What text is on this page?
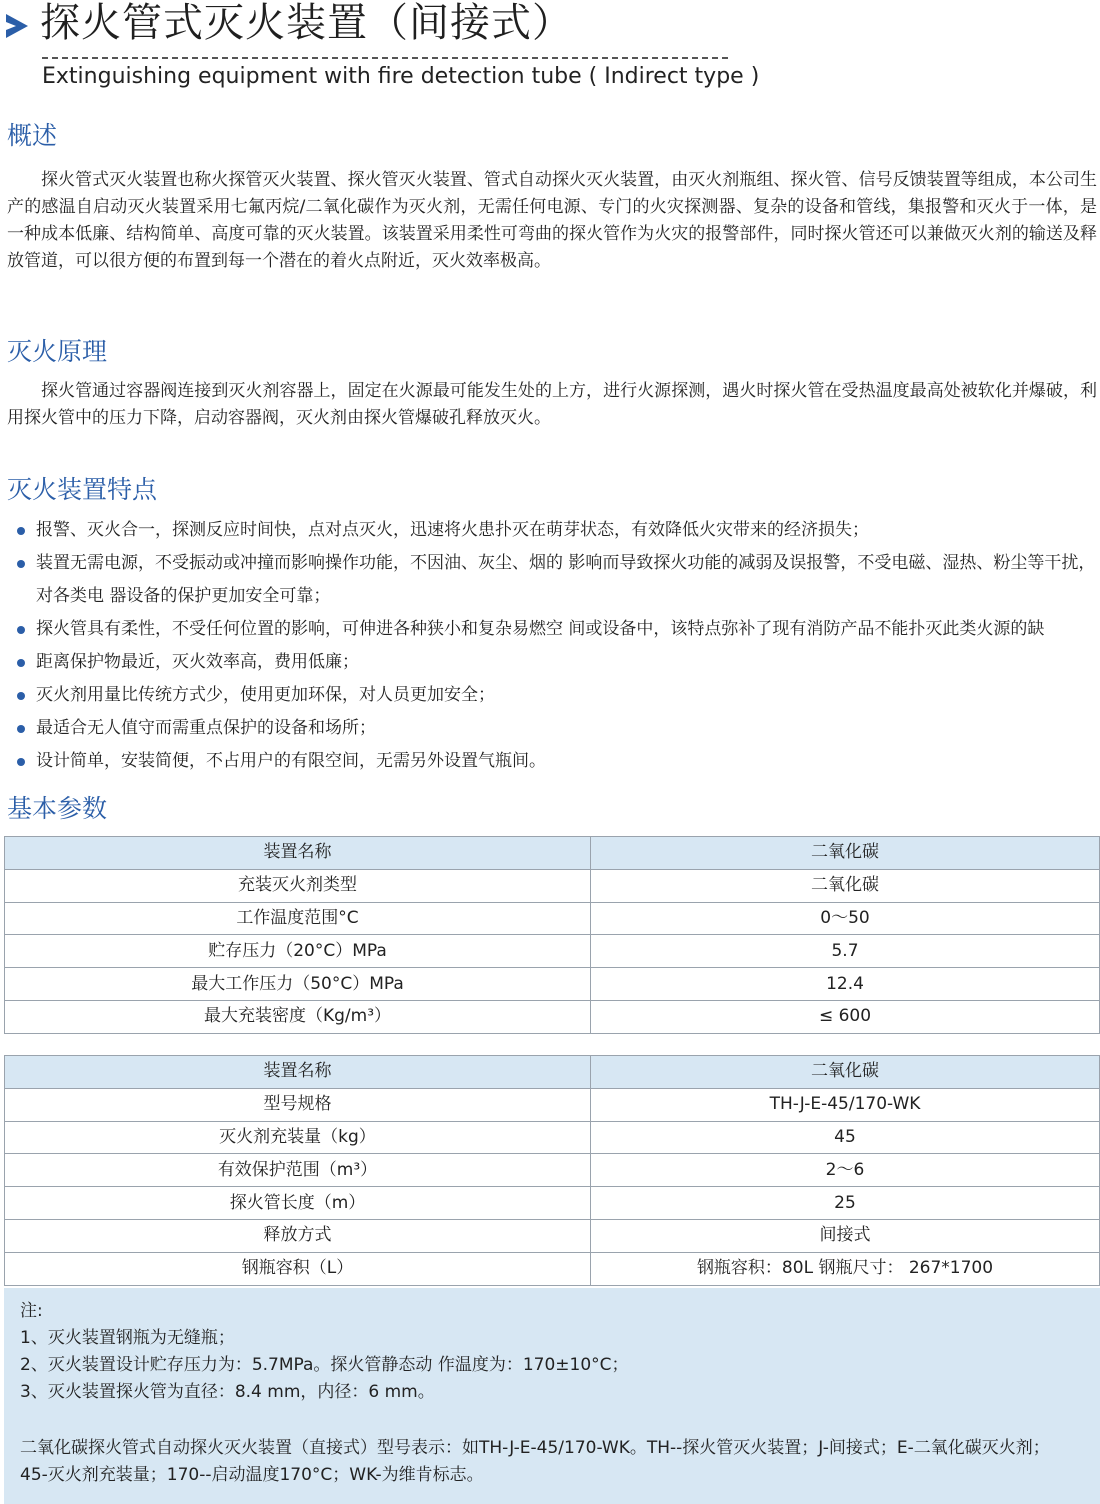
探火管式灭火装置（间接式）
Extinguishing equipment with fire detection tube ( Indirect type )
概述

探火管式灭火装置也称火探管灭火装置、探火管灭火装置、管式自动探火灭火装置，由灭火剂瓶组、探火管、信号反馈装置等组成，本公司生产的感温自启动灭火装置采用七氟丙烷/二氧化碳作为灭火剂，无需任何电源、专门的火灾探测器、复杂的设备和管线，集报警和灭火于一体，是一种成本低廉、结构简单、高度可靠的灭火装置。该装置采用柔性可弯曲的探火管作为火灾的报警部件，同时探火管还可以兼做灭火剂的输送及释放管道，可以很方便的布置到每一个潜在的着火点附近，灭火效率极高。

灭火原理

探火管通过容器阀连接到灭火剂容器上，固定在火源最可能发生处的上方，进行火源探测，遇火时探火管在受热温度最高处被软化并爆破，利用探火管中的压力下降，启动容器阀，灭火剂由探火管爆破孔释放灭火。

灭火装置特点
报警、灭火合一，探测反应时间快，点对点灭火，迅速将火患扑灭在萌芽状态，有效降低火灾带来的经济损失；
装置无需电源，不受振动或冲撞而影响操作功能，不因油、灰尘、烟的 影响而导致探火功能的减弱及误报警，不受电磁、湿热、粉尘等干扰，对各类电 器设备的保护更加安全可靠；
探火管具有柔性，不受任何位置的影响，可伸进各种狭小和复杂易燃空 间或设备中，该特点弥补了现有消防产品不能扑灭此类火源的缺
距离保护物最近，灭火效率高，费用低廉；
灭火剂用量比传统方式少，使用更加环保，对人员更加安全；
最适合无人值守而需重点保护的设备和场所；
设计简单，安装简便，不占用户的有限空间，无需另外设置气瓶间。
基本参数
装置名称	二氧化碳
充装灭火剂类型	二氧化碳
工作温度范围°C	0～50
贮存压力（20°C）MPa	5.7
最大工作压力（50°C）MPa	12.4
最大充装密度（Kg/m³）	≤ 600
装置名称	二氧化碳
型号规格	TH-J-E-45/170-WK
灭火剂充装量（kg）	45
有效保护范围（m³）	2～6
探火管长度（m）	25
释放方式	间接式
钢瓶容积（L）	钢瓶容积：80L 钢瓶尺寸： 267*1700
注:
1、灭火装置钢瓶为无缝瓶；
2、灭火装置设计贮存压力为：5.7MPa。探火管静态动 作温度为：170±10°C；
3、灭火装置探火管为直径：8.4 mm，内径：6 mm。
二氧化碳探火管式自动探火灭火装置（直接式）型号表示：如TH-J-E-45/170-WK。TH--探火管灭火装置；J-间接式；E-二氧化碳灭火剂；
45-灭火剂充装量；170--启动温度170°C；WK-为维肯标志。
